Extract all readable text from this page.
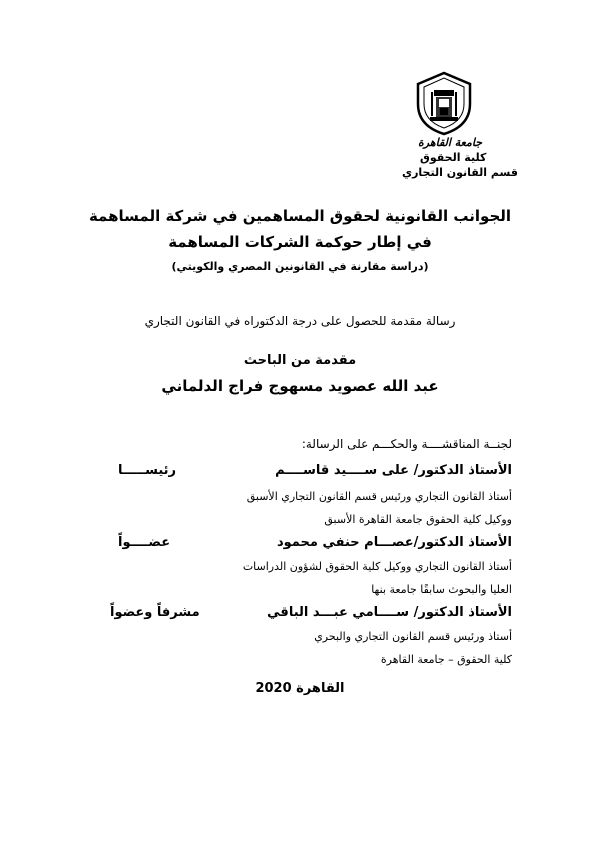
جامعة القاهرة
كلية الحقوق
قسم القانون التجاري
الجوانب القانونية لحقوق المساهمين في شركة المساهمة
في إطار حوكمة الشركات المساهمة
(دراسة مقارنة في القانونين المصري والكويتي)
رسالة مقدمة للحصول على درجة الدكتوراه في القانون التجاري
مقدمة من الباحث
عبد الله عصويد مسهوج فراج الدلماني
لجنــة المناقشــــة والحكـــم على الرسالة:
الأستاذ الدكتور/ على ســــيد قاســــم
رئيســـــا
أستاذ القانون التجاري ورئيس قسم القانون التجاري الأسبق
ووكيل كلية الحقوق جامعة القاهرة الأسبق
الأستاذ الدكتور/عصـــام حنفي محمود
عضــــواً
أستاذ القانون التجاري ووكيل كلية الحقوق لشؤون الدراسات
العليا والبحوث سابقًا جامعة بنها
الأستاذ الدكتور/ ســــامي عبـــد الباقي
مشرفاً وعضواً
أستاذ ورئيس قسم القانون التجاري والبحري
كلية الحقوق – جامعة القاهرة
القاهرة 2020
